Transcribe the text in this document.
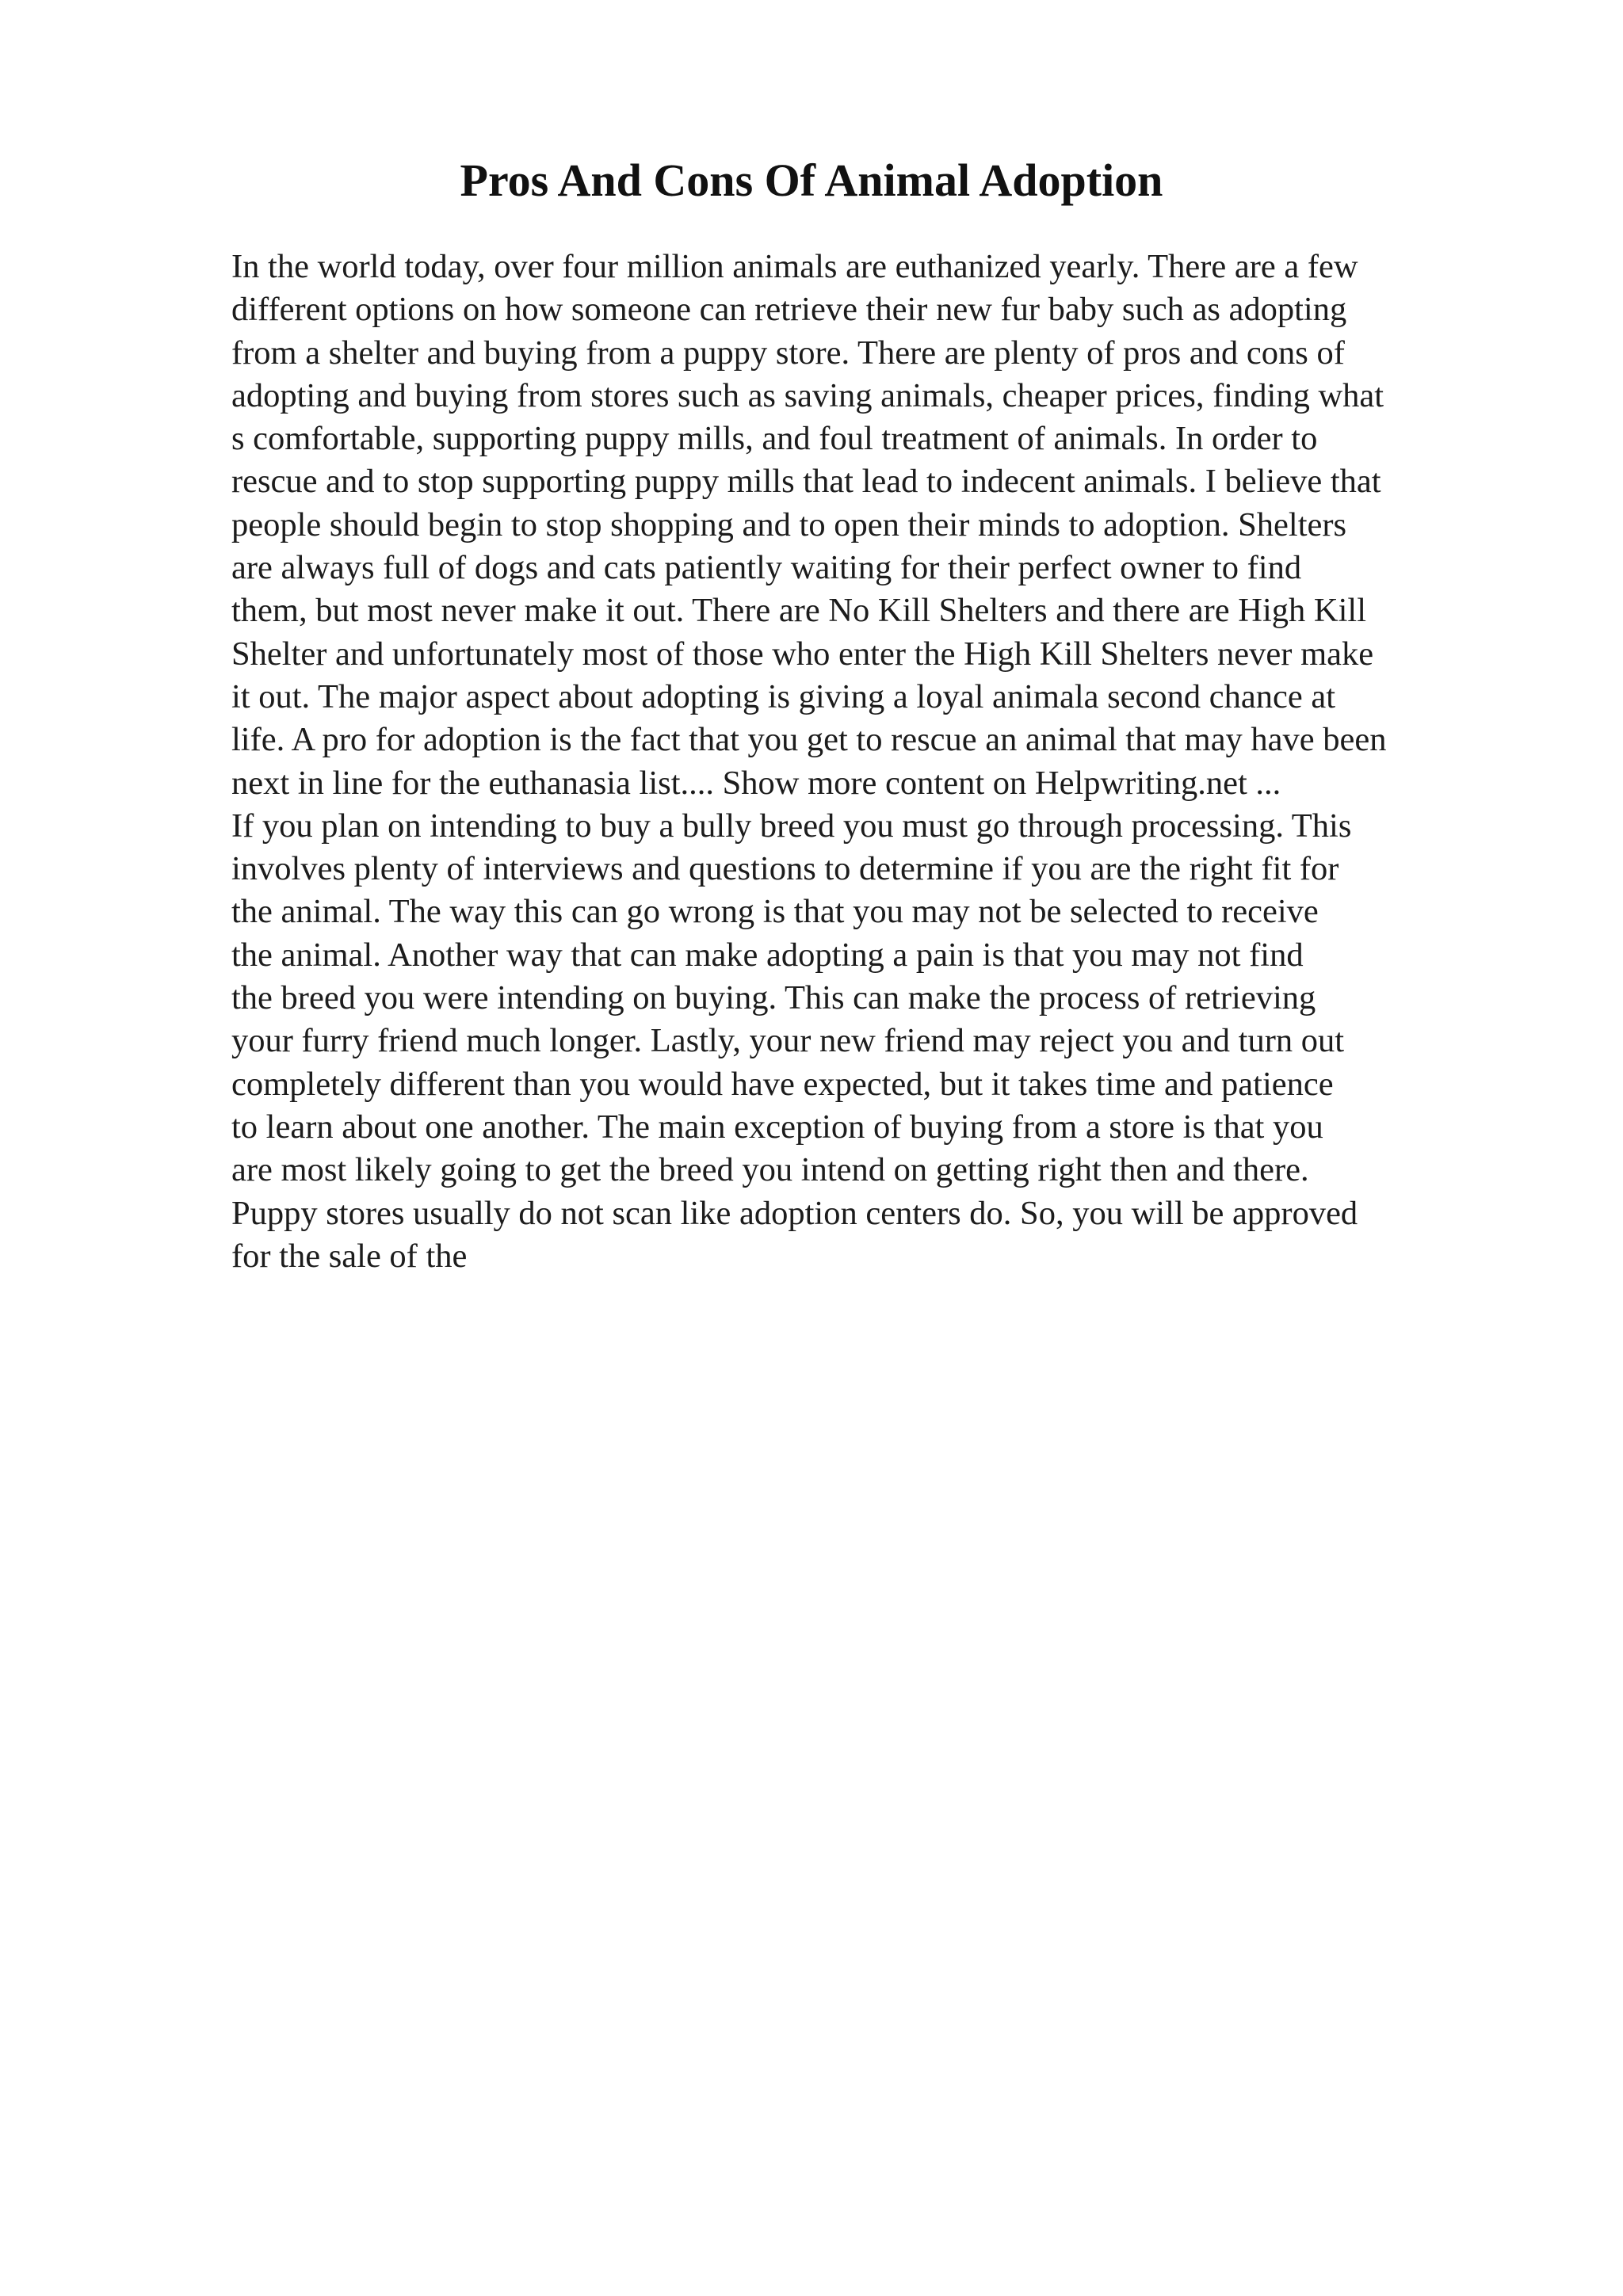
Pros And Cons Of Animal Adoption
In the world today, over four million animals are euthanized yearly. There are a few
different options on how someone can retrieve their new fur baby such as adopting
from a shelter and buying from a puppy store. There are plenty of pros and cons of
adopting and buying from stores such as saving animals, cheaper prices, finding what
s comfortable, supporting puppy mills, and foul treatment of animals. In order to
rescue and to stop supporting puppy mills that lead to indecent animals. I believe that
people should begin to stop shopping and to open their minds to adoption. Shelters
are always full of dogs and cats patiently waiting for their perfect owner to find
them, but most never make it out. There are No Kill Shelters and there are High Kill
Shelter and unfortunately most of those who enter the High Kill Shelters never make
it out. The major aspect about adopting is giving a loyal animala second chance at
life. A pro for adoption is the fact that you get to rescue an animal that may have been
next in line for the euthanasia list.... Show more content on Helpwriting.net ...
If you plan on intending to buy a bully breed you must go through processing. This
involves plenty of interviews and questions to determine if you are the right fit for
the animal. The way this can go wrong is that you may not be selected to receive
the animal. Another way that can make adopting a pain is that you may not find
the breed you were intending on buying. This can make the process of retrieving
your furry friend much longer. Lastly, your new friend may reject you and turn out
completely different than you would have expected, but it takes time and patience
to learn about one another. The main exception of buying from a store is that you
are most likely going to get the breed you intend on getting right then and there.
Puppy stores usually do not scan like adoption centers do. So, you will be approved
for the sale of the
